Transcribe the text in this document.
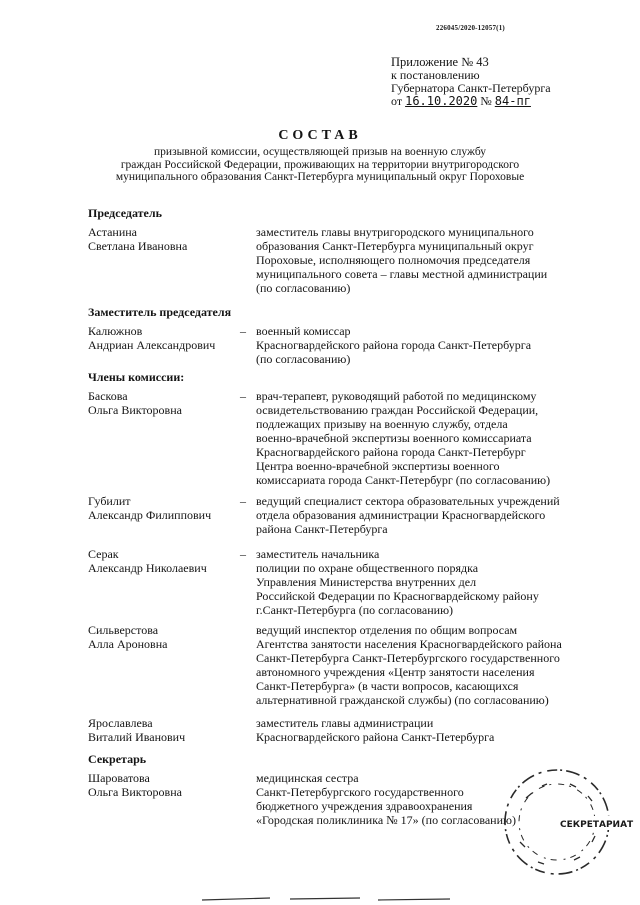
226045/2020-12057(1)
Приложение № 43
к постановлению
Губернатора Санкт-Петербурга
от 16.10.2020 № 84-пг
СОСТАВ
призывной комиссии, осуществляющей призыв на военную службу
граждан Российской Федерации, проживающих на территории внутригородского
муниципального образования Санкт-Петербурга муниципальный округ Пороховые
Председатель
Астанина
Светлана Ивановна
заместитель главы внутригородского муниципального
образования Санкт-Петербурга муниципальный округ
Пороховые, исполняющего полномочия председателя
муниципального совета – главы местной администрации
(по согласованию)
Заместитель председателя
Калюжнов
Андриан Александрович
– военный комиссар
Красногвардейского района города Санкт-Петербурга
(по согласованию)
Члены комиссии:
Баскова
Ольга Викторовна
– врач-терапевт, руководящий работой по медицинскому
освидетельствованию граждан Российской Федерации,
подлежащих призыву на военную службу, отдела
военно-врачебной экспертизы военного комиссариата
Красногвардейского района города Санкт-Петербург
Центра военно-врачебной экспертизы военного
комиссариата города Санкт-Петербург (по согласованию)
Губилит
Александр Филиппович
– ведущий специалист сектора образовательных учреждений
отдела образования администрации Красногвардейского
района Санкт-Петербурга
Серак
Александр Николаевич
– заместитель начальника
полиции по охране общественного порядка
Управления Министерства внутренних дел
Российской Федерации по Красногвардейскому району
г.Санкт-Петербурга (по согласованию)
Сильверстова
Алла Ароновна
ведущий инспектор отделения по общим вопросам
Агентства занятости населения Красногвардейского района
Санкт-Петербурга Санкт-Петербургского государственного
автономного учреждения «Центр занятости населения
Санкт-Петербурга» (в части вопросов, касающихся
альтернативной гражданской службы) (по согласованию)
Ярославлева
Виталий Иванович
заместитель главы администрации
Красногвардейского района Санкт-Петербурга
Секретарь
Шароватова
Ольга Викторовна
медицинская сестра
Санкт-Петербургского государственного
бюджетного учреждения здравоохранения
«Городская поликлиника № 17» (по согласованию)	СЕКРЕТАРИАТ
